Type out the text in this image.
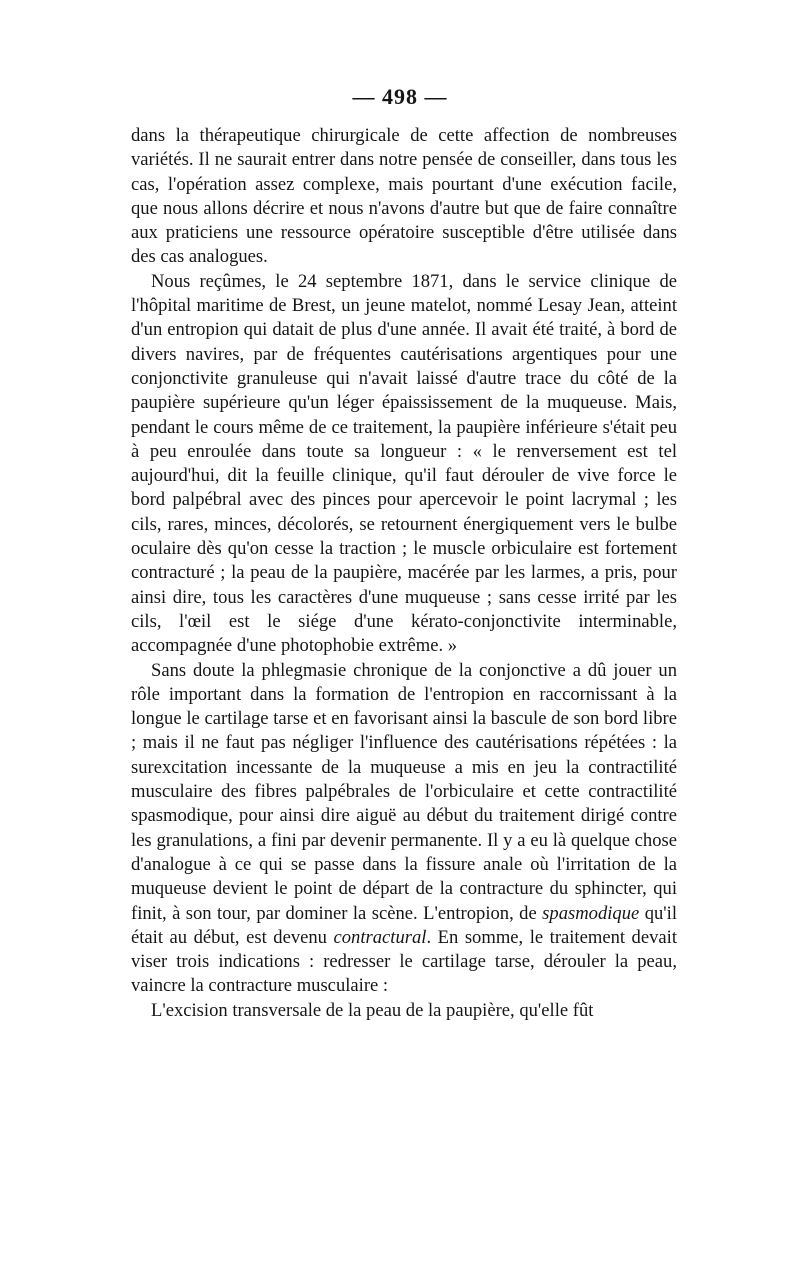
— 498 —

dans la thérapeutique chirurgicale de cette affection de nombreuses variétés. Il ne saurait entrer dans notre pensée de conseiller, dans tous les cas, l'opération assez complexe, mais pourtant d'une exécution facile, que nous allons décrire et nous n'avons d'autre but que de faire connaître aux praticiens une ressource opératoire susceptible d'être utilisée dans des cas analogues.

Nous reçûmes, le 24 septembre 1871, dans le service clinique de l'hôpital maritime de Brest, un jeune matelot, nommé Lesay Jean, atteint d'un entropion qui datait de plus d'une année. Il avait été traité, à bord de divers navires, par de fréquentes cautérisations argentiques pour une conjonctivite granuleuse qui n'avait laissé d'autre trace du côté de la paupière supérieure qu'un léger épaississement de la muqueuse. Mais, pendant le cours même de ce traitement, la paupière inférieure s'était peu à peu enroulée dans toute sa longueur : « le renversement est tel aujourd'hui, dit la feuille clinique, qu'il faut dérouler de vive force le bord palpébral avec des pinces pour apercevoir le point lacrymal ; les cils, rares, minces, décolorés, se retournent énergiquement vers le bulbe oculaire dès qu'on cesse la traction ; le muscle orbiculaire est fortement contracturé ; la peau de la paupière, macérée par les larmes, a pris, pour ainsi dire, tous les caractères d'une muqueuse ; sans cesse irrité par les cils, l'œil est le siége d'une kérato-conjonctivite interminable, accompagnée d'une photophobie extrême. »

Sans doute la phlegmasie chronique de la conjonctive a dû jouer un rôle important dans la formation de l'entropion en raccornissant à la longue le cartilage tarse et en favorisant ainsi la bascule de son bord libre ; mais il ne faut pas négliger l'influence des cautérisations répétées : la surexcitation incessante de la muqueuse a mis en jeu la contractilité musculaire des fibres palpébrales de l'orbiculaire et cette contractilité spasmodique, pour ainsi dire aiguë au début du traitement dirigé contre les granulations, a fini par devenir permanente. Il y a eu là quelque chose d'analogue à ce qui se passe dans la fissure anale où l'irritation de la muqueuse devient le point de départ de la contracture du sphincter, qui finit, à son tour, par dominer la scène. L'entropion, de spasmodique qu'il était au début, est devenu contractural. En somme, le traitement devait viser trois indications : redresser le cartilage tarse, dérouler la peau, vaincre la contracture musculaire :

L'excision transversale de la peau de la paupière, qu'elle fût
